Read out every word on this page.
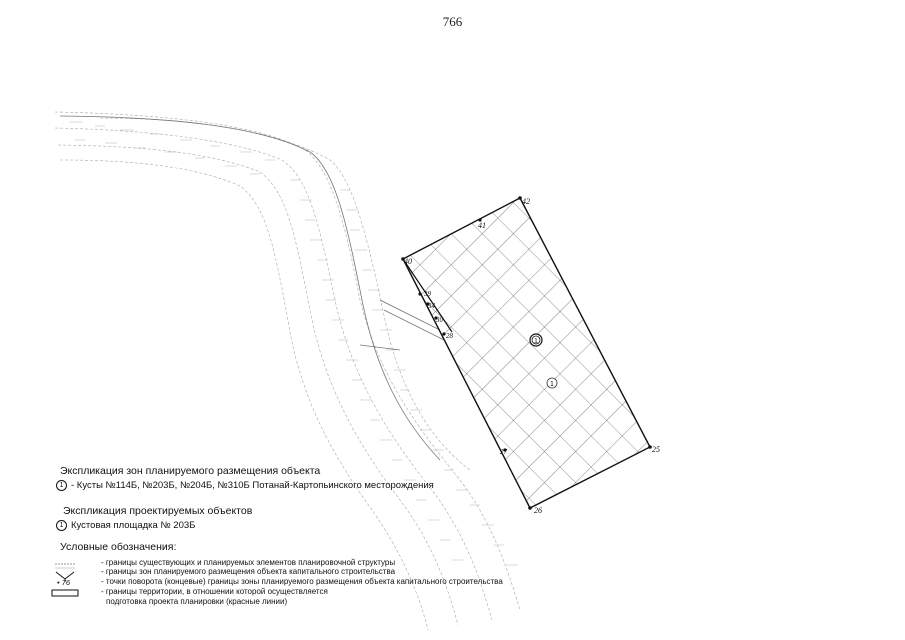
42
41
40
39
34
30
28
27
26
25
1
1
766
Экспликация зон планируемого размещения объекта
1 - Кусты №114Б, №203Б, №204Б, №310Б Потанай-Картопьинского месторождения
Экспликация проектируемых объектов
1 Кустовая площадка № 203Б
Условные обозначения:
- границы существующих и планируемых элементов планировочной структуры
- границы зон планируемого размещения объекта капитального строительства
• 76	- точки поворота (концевые) границы зоны планируемого размещения объекта капитального строительства
- границы территории, в отношении которой осуществляется
подготовка проекта планировки (красные линии)
